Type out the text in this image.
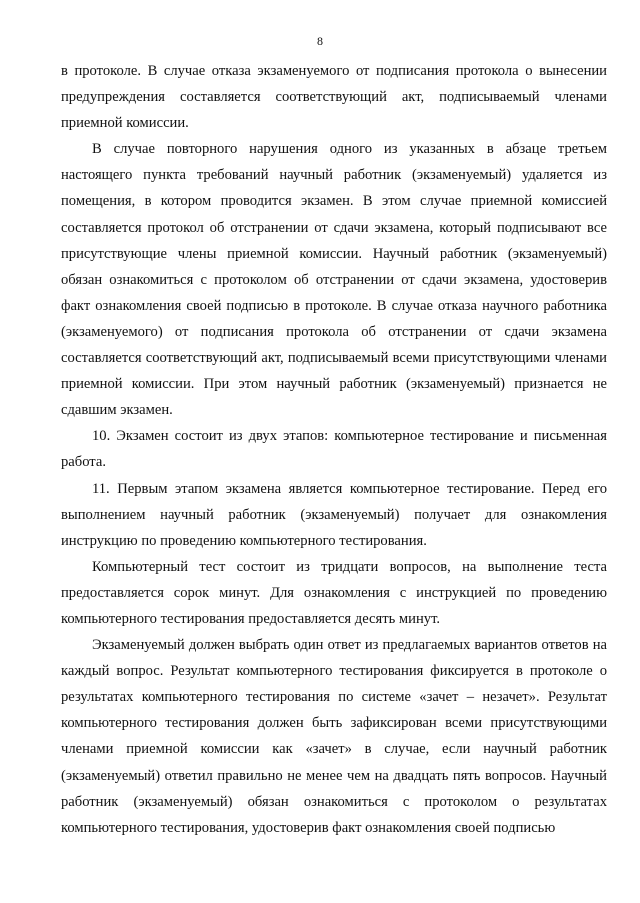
8

в протоколе. В случае отказа экзаменуемого от подписания протокола о вынесении предупреждения составляется соответствующий акт, подписываемый членами приемной комиссии.

В случае повторного нарушения одного из указанных в абзаце третьем настоящего пункта требований научный работник (экзаменуемый) удаляется из помещения, в котором проводится экзамен. В этом случае приемной комиссией составляется протокол об отстранении от сдачи экзамена, который подписывают все присутствующие члены приемной комиссии. Научный работник (экзаменуемый) обязан ознакомиться с протоколом об отстранении от сдачи экзамена, удостоверив факт ознакомления своей подписью в протоколе. В случае отказа научного работника (экзаменуемого) от подписания протокола об отстранении от сдачи экзамена составляется соответствующий акт, подписываемый всеми присутствующими членами приемной комиссии. При этом научный работник (экзаменуемый) признается не сдавшим экзамен.

10. Экзамен состоит из двух этапов: компьютерное тестирование и письменная работа.

11. Первым этапом экзамена является компьютерное тестирование. Перед его выполнением научный работник (экзаменуемый) получает для ознакомления инструкцию по проведению компьютерного тестирования.

Компьютерный тест состоит из тридцати вопросов, на выполнение теста предоставляется сорок минут. Для ознакомления с инструкцией по проведению компьютерного тестирования предоставляется десять минут.

Экзаменуемый должен выбрать один ответ из предлагаемых вариантов ответов на каждый вопрос. Результат компьютерного тестирования фиксируется в протоколе о результатах компьютерного тестирования по системе «зачет – незачет». Результат компьютерного тестирования должен быть зафиксирован всеми присутствующими членами приемной комиссии как «зачет» в случае, если научный работник (экзаменуемый) ответил правильно не менее чем на двадцать пять вопросов. Научный работник (экзаменуемый) обязан ознакомиться с протоколом о результатах компьютерного тестирования, удостоверив факт ознакомления своей подписью
